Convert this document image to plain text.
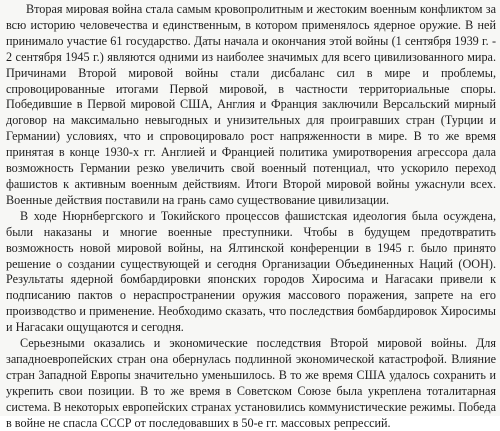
Вторая мировая война стала самым кровопролитным и жестоким военным конфликтом за всю историю человечества и единственным, в котором применялось ядерное оружие. В ней принимало участие 61 государство. Даты начала и окончания этой войны (1 сентября 1939 г. - 2 сентября 1945 г.) являются одними из наиболее значимых для всего цивилизованного мира. Причинами Второй мировой войны стали дисбаланс сил в мире и проблемы, спровоцированные итогами Первой мировой, в частности территориальные споры. Победившие в Первой мировой США, Англия и Франция заключили Версальский мирный договор на максимально невыгодных и унизительных для проигравших стран (Турции и Германии) условиях, что и спровоцировало рост напряженности в мире. В то же время принятая в конце 1930-х гг. Англией и Францией политика умиротворения агрессора дала возможность Германии резко увеличить свой военный потенциал, что ускорило переход фашистов к активным военным действиям. Итоги Второй мировой войны ужаснули всех. Военные действия поставили на грань само существование цивилизации.

В ходе Нюрнбергского и Токийского процессов фашистская идеология была осуждена, были наказаны и многие военные преступники. Чтобы в будущем предотвратить возможность новой мировой войны, на Ялтинской конференции в 1945 г. было принято решение о создании существующей и сегодня Организации Объединенных Наций (ООН). Результаты ядерной бомбардировки японских городов Хиросима и Нагасаки привели к подписанию пактов о нераспространении оружия массового поражения, запрете на его производство и применение. Необходимо сказать, что последствия бомбардировок Хиросимы и Нагасаки ощущаются и сегодня.

Серьезными оказались и экономические последствия Второй мировой войны. Для западноевропейских стран она обернулась подлинной экономической катастрофой. Влияние стран Западной Европы значительно уменьшилось. В то же время США удалось сохранить и укрепить свои позиции. В то же время в Советском Союзе была укреплена тоталитарная система. В некоторых европейских странах установились коммунистические режимы. Победа в войне не спасла СССР от последовавших в 50-е гг. массовых репрессий.
